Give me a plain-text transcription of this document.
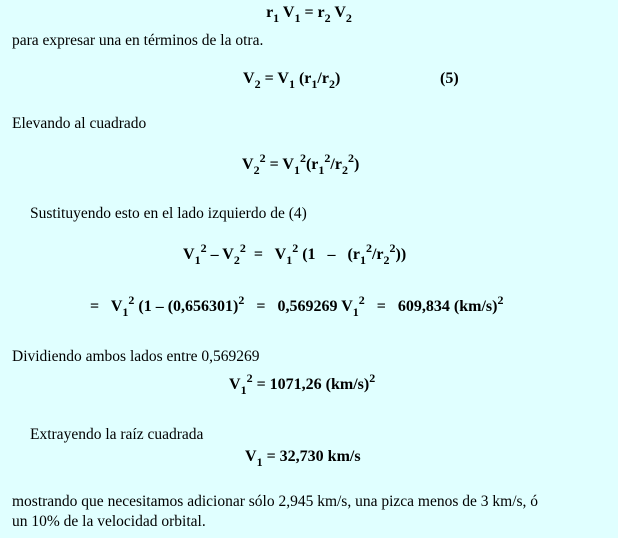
$r_1$ $V_1 = r_2$ $V_2$
para expresar una en términos de la otra.
$V_2 = V_1$ $(r_1/r_2)$	(5)
Elevando al cuadrado
$V_2^2 = V_1^2(r_1^2/r_2^2)$
Sustituyendo esto en el lado izquierdo de (4)
$V_1^2 - V_2^2 = V_1^2$ $(1 - (r_1^2/r_2^2))$
=   $V_1^2$ ($1 - (0,656301)^2 = 0,569269$ $V_1^2 = 609,834$ $(km/s)^2$
Dividiendo ambos lados entre 0,569269
$V_1^2 = 1071,26$ $(km/s)^2$
Extrayendo la raíz cuadrada
$V_1 = 32,730$ km/s
mostrando que necesitamos adicionar sólo 2,945 km/s, una pizca menos de 3 km/s, ó
un 10% de la velocidad orbital.
